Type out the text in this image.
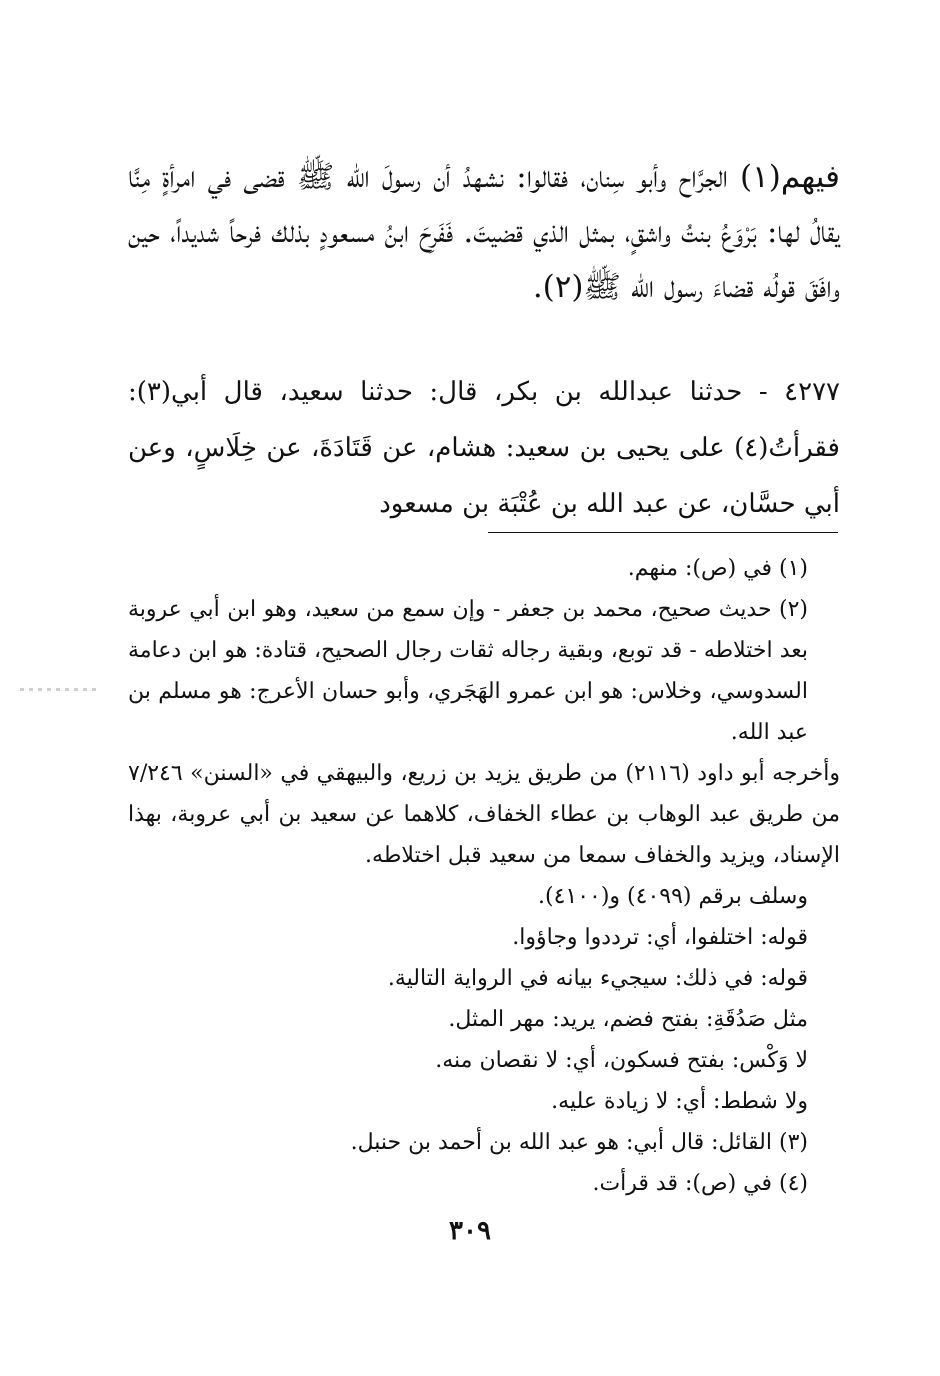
فيهم(١) الجرَّاح وأبو سِنان، فقالوا: نشهدُ أن رسولَ الله ﷺ قضى في امرأةٍ مِنَّا يقالُ لها: بَرْوَعُ بنتُ واشقٍ، بمثل الذي قضيتَ. فَفَرِحَ ابنُ مسعودٍ بذلك فرحاً شديداً، حين وافَقَ قولُه قضاءَ رسول الله ﷺ(٢).

٤٢٧٧ - حدثنا عبدالله بن بكر، قال: حدثنا سعيد، قال أبي(٣): فقرأتُ(٤) على يحيى بن سعيد: هشام، عن قَتَادَةَ، عن خِلَاسٍ، وعن أبي حسَّان، عن عبد الله بن عُتْبَة بن مسعود

(١) في (ص): منهم.

(٢) حديث صحيح، محمد بن جعفر - وإن سمع من سعيد، وهو ابن أبي عروبة بعد اختلاطه - قد توبع، وبقية رجاله ثقات رجال الصحيح، قتادة: هو ابن دعامة السدوسي، وخلاس: هو ابن عمرو الهَجَري، وأبو حسان الأعرج: هو مسلم بن عبد الله.

وأخرجه أبو داود (٢١١٦) من طريق يزيد بن زريع، والبيهقي في «السنن» ٧/٢٤٦ من طريق عبد الوهاب بن عطاء الخفاف، كلاهما عن سعيد بن أبي عروبة، بهذا الإسناد، ويزيد والخفاف سمعا من سعيد قبل اختلاطه.

وسلف برقم (٤٠٩٩) و(٤١٠٠).

قوله: اختلفوا، أي: ترددوا وجاؤوا.

قوله: في ذلك: سيجيء بيانه في الرواية التالية.

مثل صَدُقَةِ: بفتح فضم، يريد: مهر المثل.

لا وَكْس: بفتح فسكون، أي: لا نقصان منه.

ولا شطط: أي: لا زيادة عليه.

(٣) القائل: قال أبي: هو عبد الله بن أحمد بن حنبل.

(٤) في (ص): قد قرأت.

٣٠٩
